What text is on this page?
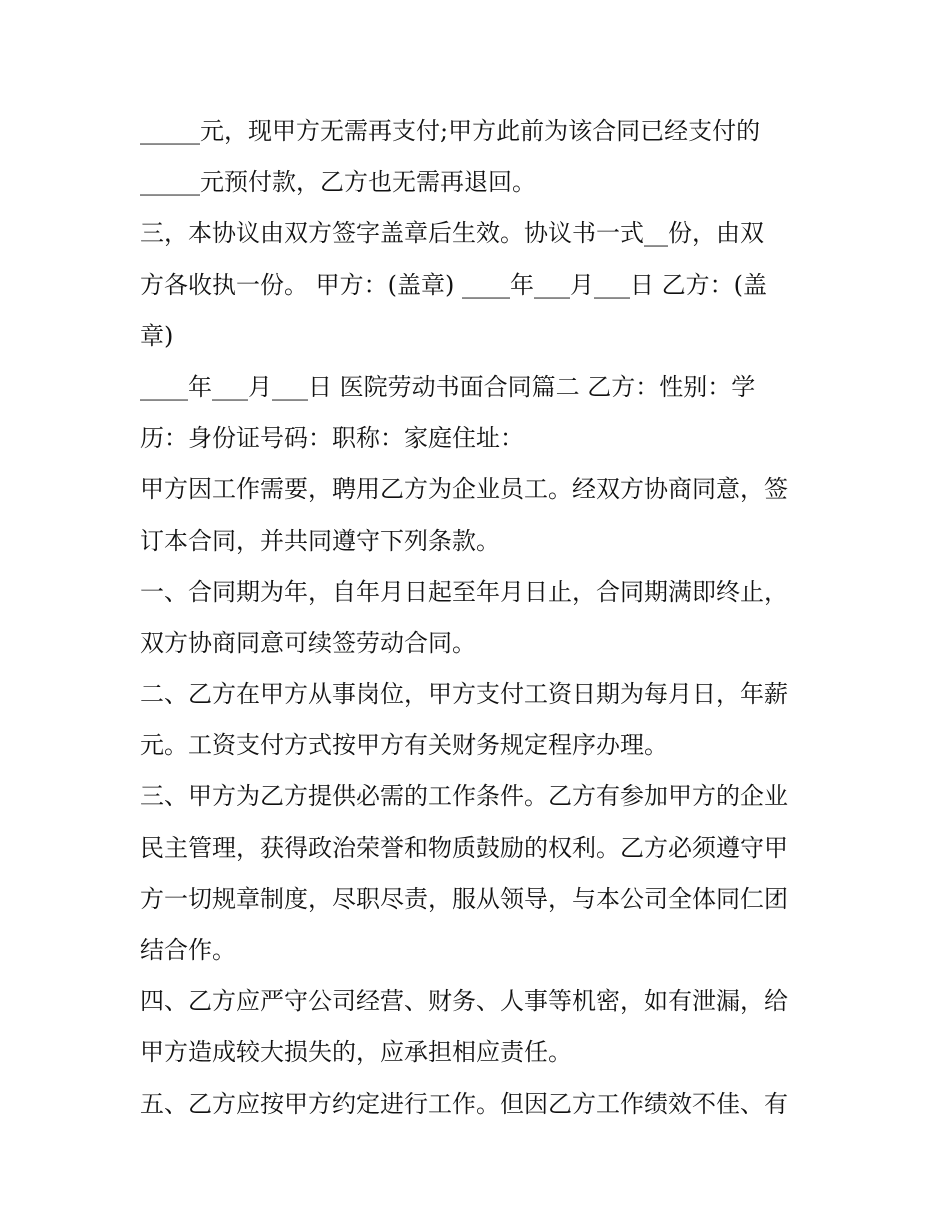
_____元，现甲方无需再支付;甲方此前为该合同已经支付的
_____元预付款，乙方也无需再退回。
三，本协议由双方签字盖章后生效。协议书一式__份，由双
方各收执一份。 甲方：(盖章) ____年___月___日 乙方：(盖
章)
____年___月___日 医院劳动书面合同篇二 乙方：性别：学
历：身份证号码：职称：家庭住址：
甲方因工作需要，聘用乙方为企业员工。经双方协商同意，签
订本合同，并共同遵守下列条款。
一、合同期为年，自年月日起至年月日止，合同期满即终止，
双方协商同意可续签劳动合同。
二、乙方在甲方从事岗位，甲方支付工资日期为每月日，年薪
元。工资支付方式按甲方有关财务规定程序办理。
三、甲方为乙方提供必需的工作条件。乙方有参加甲方的企业
民主管理，获得政治荣誉和物质鼓励的权利。乙方必须遵守甲
方一切规章制度，尽职尽责，服从领导，与本公司全体同仁团
结合作。
四、乙方应严守公司经营、财务、人事等机密，如有泄漏，给
甲方造成较大损失的，应承担相应责任。
五、乙方应按甲方约定进行工作。但因乙方工作绩效不佳、有
